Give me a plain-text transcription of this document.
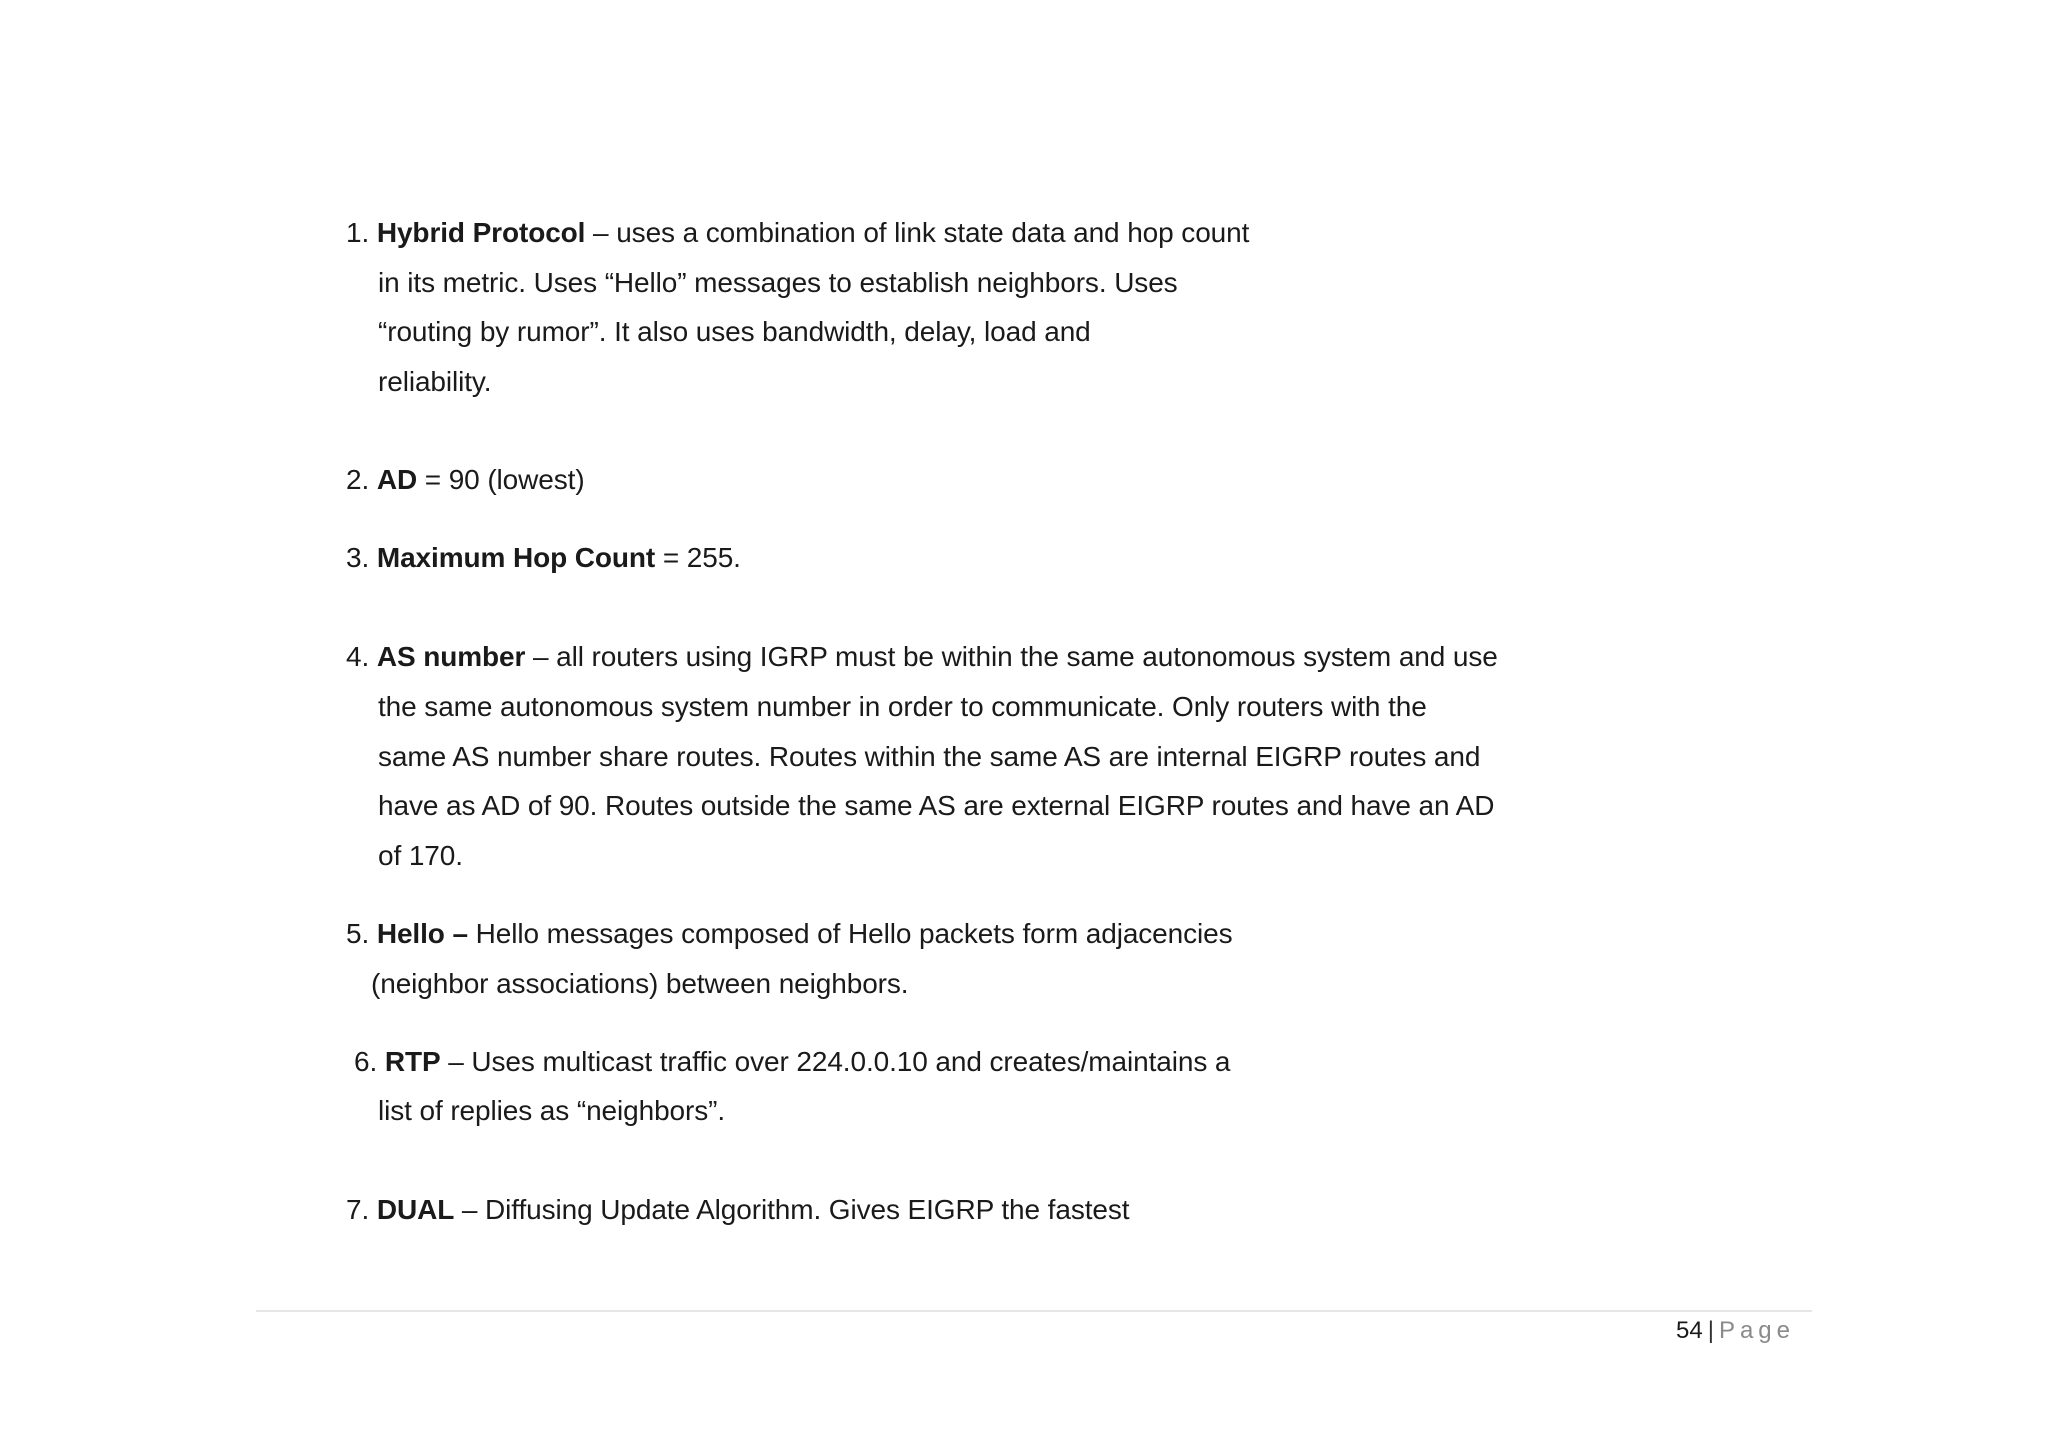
1. Hybrid Protocol – uses a combination of link state data and hop count
in its metric. Uses “Hello” messages to establish neighbors. Uses
“routing by rumor”. It also uses bandwidth, delay, load and
reliability.
2. AD = 90 (lowest)
3. Maximum Hop Count = 255.
4. AS number – all routers using IGRP must be within the same autonomous system and use
the same autonomous system number in order to communicate. Only routers with the
same AS number share routes. Routes within the same AS are internal EIGRP routes and
have as AD of 90. Routes outside the same AS are external EIGRP routes and have an AD
of 170.
5. Hello – Hello messages composed of Hello packets form adjacencies
(neighbor associations) between neighbors.
6. RTP – Uses multicast traffic over 224.0.0.10 and creates/maintains a
list of replies as “neighbors”.
7. DUAL – Diffusing Update Algorithm. Gives EIGRP the fastest
54 | Page
